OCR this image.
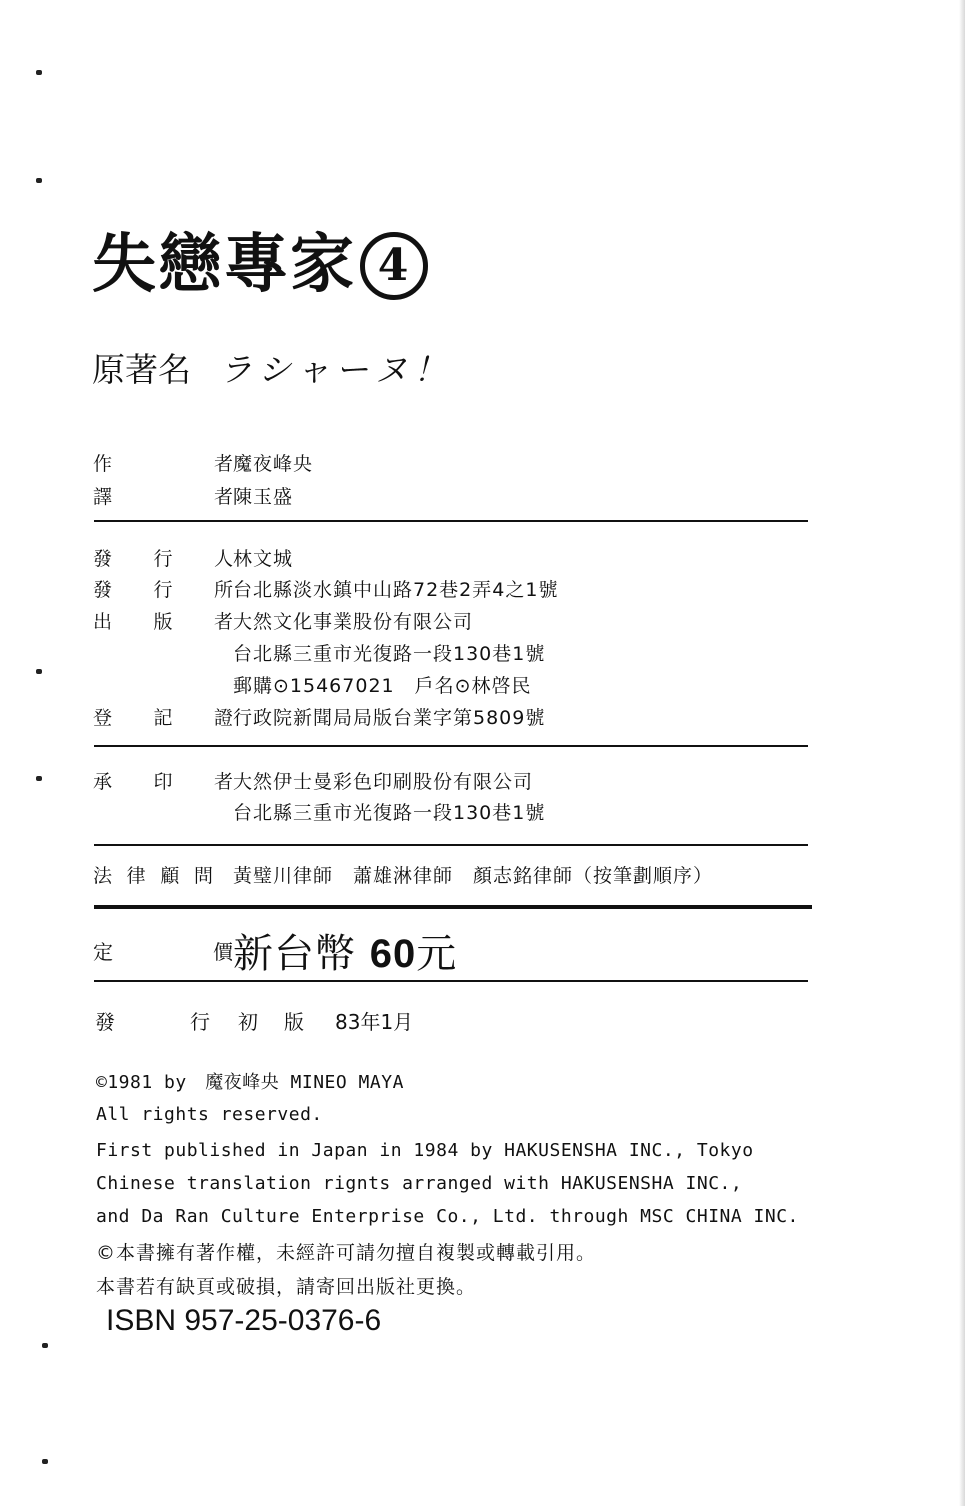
失戀專家 4
原著名 ラシャーヌ！
作	者 魔夜峰央
譯	者 陳玉盛
發 行 人 林文城
發 行 所 台北縣淡水鎮中山路72巷2弄4之1號
出 版 者 大然文化事業股份有限公司
台北縣三重市光復路一段130巷1號
郵購⊙15467021　戶名⊙林啓民
登 記 證 行政院新聞局局版台業字第5809號
承 印 者 大然伊士曼彩色印刷股份有限公司
台北縣三重市光復路一段130巷1號
法 律 顧 問 黃璧川律師　蕭雄淋律師　顏志銘律師（按筆劃順序）
定	價 新台幣 60元
發	行	初	版	83年1月
©1981 by　魔夜峰央 MINEO MAYA
All rights reserved.
First published in Japan in 1984 by HAKUSENSHA INC., Tokyo
Chinese translation rignts arranged with HAKUSENSHA INC.,
and Da Ran Culture Enterprise Co., Ltd. through MSC CHINA INC.
©本書擁有著作權，未經許可請勿擅自複製或轉載引用。
本書若有缺頁或破損，請寄回出版社更換。
ISBN 957-25-0376-6
